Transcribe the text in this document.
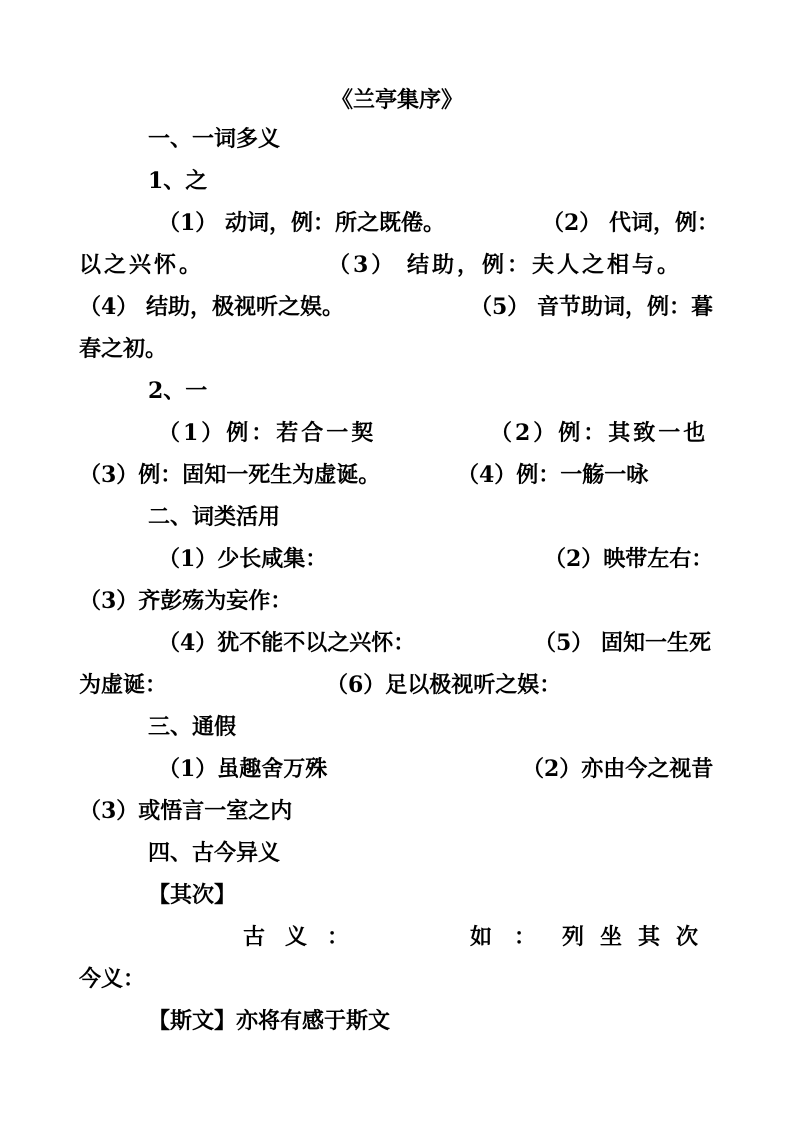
《兰亭集序》
一、一词多义
1、之
（1） 动词，例：所之既倦。	（2） 代词，例：
以之兴怀。	（3） 结助，例：夫人之相与。
（4） 结助，极视听之娱。	（5） 音节助词，例：暮
春之初。
2、一
（1）例：若合一契	（2）例：其致一也
（3）例：固知一死生为虚诞。	（4）例：一觞一咏
二、词类活用
（1）少长咸集：	（2）映带左右：
（3）齐彭殇为妄作：
（4）犹不能不以之兴怀：	（5） 固知一生死
为虚诞：	（6）足以极视听之娱：
三、通假
（1）虽趣舍万殊	（2）亦由今之视昔
（3）或悟言一室之内
四、古今异义
【其次】
古义：	如： 列坐其次
今义：
【斯文】亦将有感于斯文
